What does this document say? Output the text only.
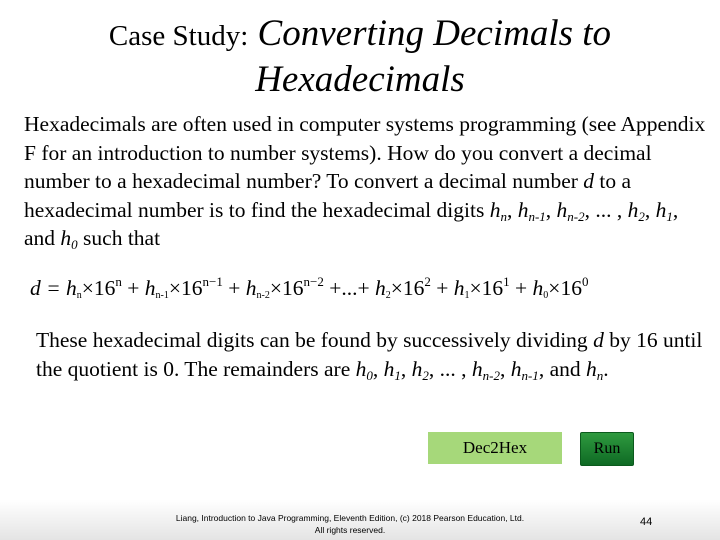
Case Study: Converting Decimals to
Hexadecimals
Hexadecimals are often used in computer systems programming (see Appendix F for an introduction to number systems). How do you convert a decimal number to a hexadecimal number? To convert a decimal number d to a hexadecimal number is to find the hexadecimal digits $h_n$, $h_{n-1}$, $h_{n-2}$, ... , $h_2$, $h_1$, and $h_0$ such that
$d = h_n\times 16^n + h_{n-1}\times 16^{n-1} + h_{n-2}\times 16^{n-2}$ +...+ $h_2\times 16^2 + h_1\times 16^1 + h_0\times 16^0$
These hexadecimal digits can be found by successively dividing d by 16 until the quotient is 0. The remainders are $h_0$, $h_1$, $h_2$, ... , $h_{n-2}$, $h_{n-1}$, and $h_n$.
Dec2Hex	Run
Liang, Introduction to Java Programming, Eleventh Edition, (c) 2018 Pearson Education, Ltd.
All rights reserved.
44
